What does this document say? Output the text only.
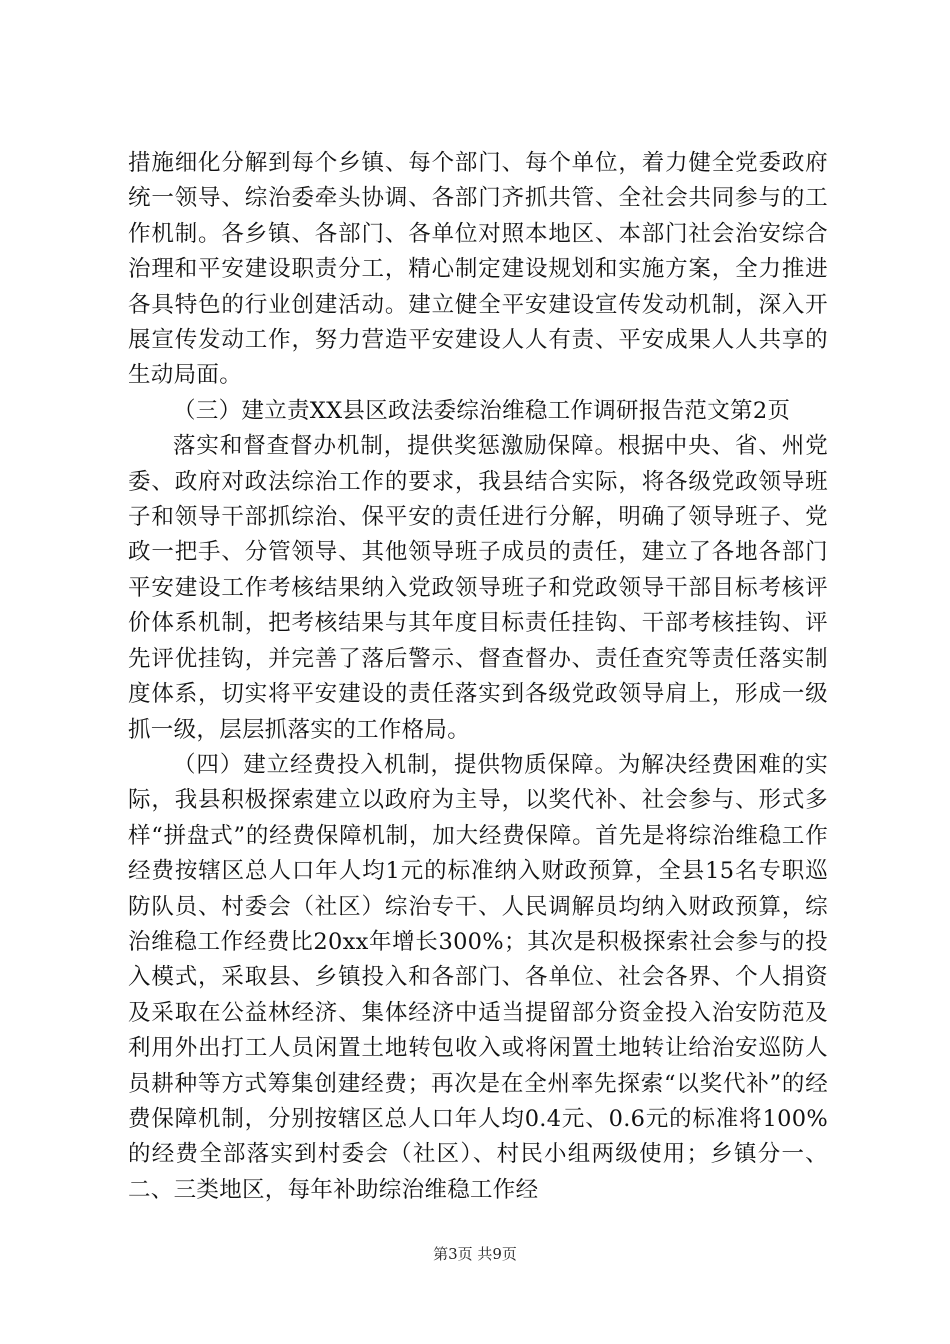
措施细化分解到每个乡镇、每个部门、每个单位，着力健全党委政府统一领导、综治委牵头协调、各部门齐抓共管、全社会共同参与的工作机制。各乡镇、各部门、各单位对照本地区、本部门社会治安综合治理和平安建设职责分工，精心制定建设规划和实施方案，全力推进各具特色的行业创建活动。建立健全平安建设宣传发动机制，深入开展宣传发动工作，努力营造平安建设人人有责、平安成果人人共享的生动局面。

（三）建立责XX县区政法委综治维稳工作调研报告范文第2页

落实和督查督办机制，提供奖惩激励保障。根据中央、省、州党委、政府对政法综治工作的要求，我县结合实际，将各级党政领导班子和领导干部抓综治、保平安的责任进行分解，明确了领导班子、党政一把手、分管领导、其他领导班子成员的责任，建立了各地各部门平安建设工作考核结果纳入党政领导班子和党政领导干部目标考核评价体系机制，把考核结果与其年度目标责任挂钩、干部考核挂钩、评先评优挂钩，并完善了落后警示、督查督办、责任查究等责任落实制度体系，切实将平安建设的责任落实到各级党政领导肩上，形成一级抓一级，层层抓落实的工作格局。

（四）建立经费投入机制，提供物质保障。为解决经费困难的实际，我县积极探索建立以政府为主导，以奖代补、社会参与、形式多样“拼盘式”的经费保障机制，加大经费保障。首先是将综治维稳工作经费按辖区总人口年人均1元的标准纳入财政预算，全县15名专职巡防队员、村委会（社区）综治专干、人民调解员均纳入财政预算，综治维稳工作经费比20xx年增长300%；其次是积极探索社会参与的投入模式，采取县、乡镇投入和各部门、各单位、社会各界、个人捐资及采取在公益林经济、集体经济中适当提留部分资金投入治安防范及利用外出打工人员闲置土地转包收入或将闲置土地转让给治安巡防人员耕种等方式筹集创建经费；再次是在全州率先探索“以奖代补”的经费保障机制，分别按辖区总人口年人均0.4元、0.6元的标准将100%的经费全部落实到村委会（社区）、村民小组两级使用；乡镇分一、二、三类地区，每年补助综治维稳工作经

第3页 共9页
